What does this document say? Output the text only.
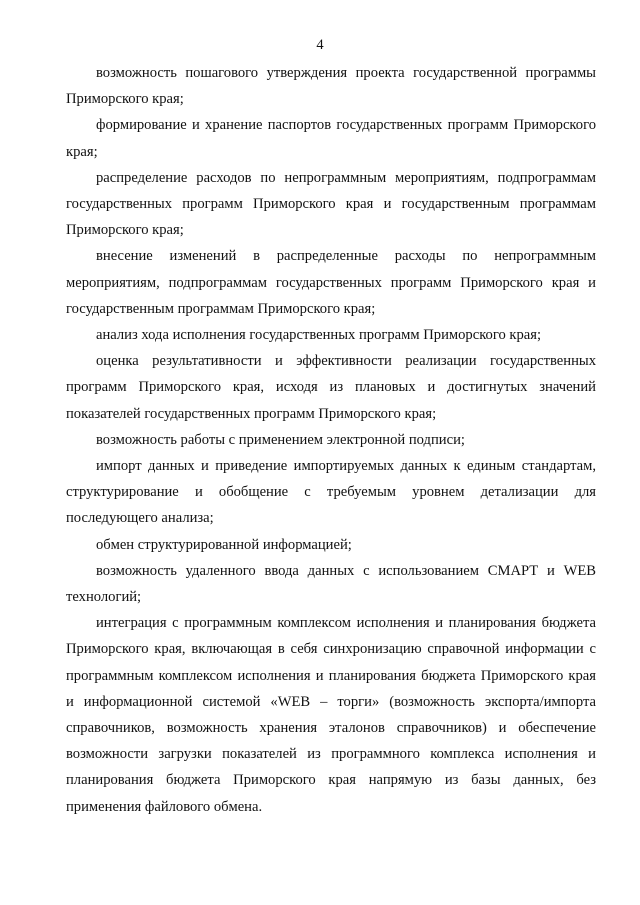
4

возможность пошагового утверждения проекта государственной программы Приморского края;

формирование и хранение паспортов государственных программ Приморского края;

распределение расходов по непрограммным мероприятиям, подпрограммам государственных программ Приморского края и государственным программам Приморского края;

внесение изменений в распределенные расходы по непрограммным мероприятиям, подпрограммам государственных программ Приморского края и государственным программам Приморского края;

анализ хода исполнения государственных программ Приморского края;

оценка результативности и эффективности реализации государственных программ Приморского края, исходя из плановых и достигнутых значений показателей государственных программ Приморского края;

возможность работы с применением электронной подписи;

импорт данных и приведение импортируемых данных к единым стандартам, структурирование и обобщение с требуемым уровнем детализации для последующего анализа;

обмен структурированной информацией;

возможность удаленного ввода данных с использованием СМАРТ и WEB технологий;

интеграция с программным комплексом исполнения и планирования бюджета Приморского края, включающая в себя синхронизацию справочной информации с программным комплексом исполнения и планирования бюджета Приморского края и информационной системой «WEB – торги» (возможность экспорта/импорта справочников, возможность хранения эталонов справочников) и обеспечение возможности загрузки показателей из программного комплекса исполнения и планирования бюджета Приморского края напрямую из базы данных, без применения файлового обмена.
